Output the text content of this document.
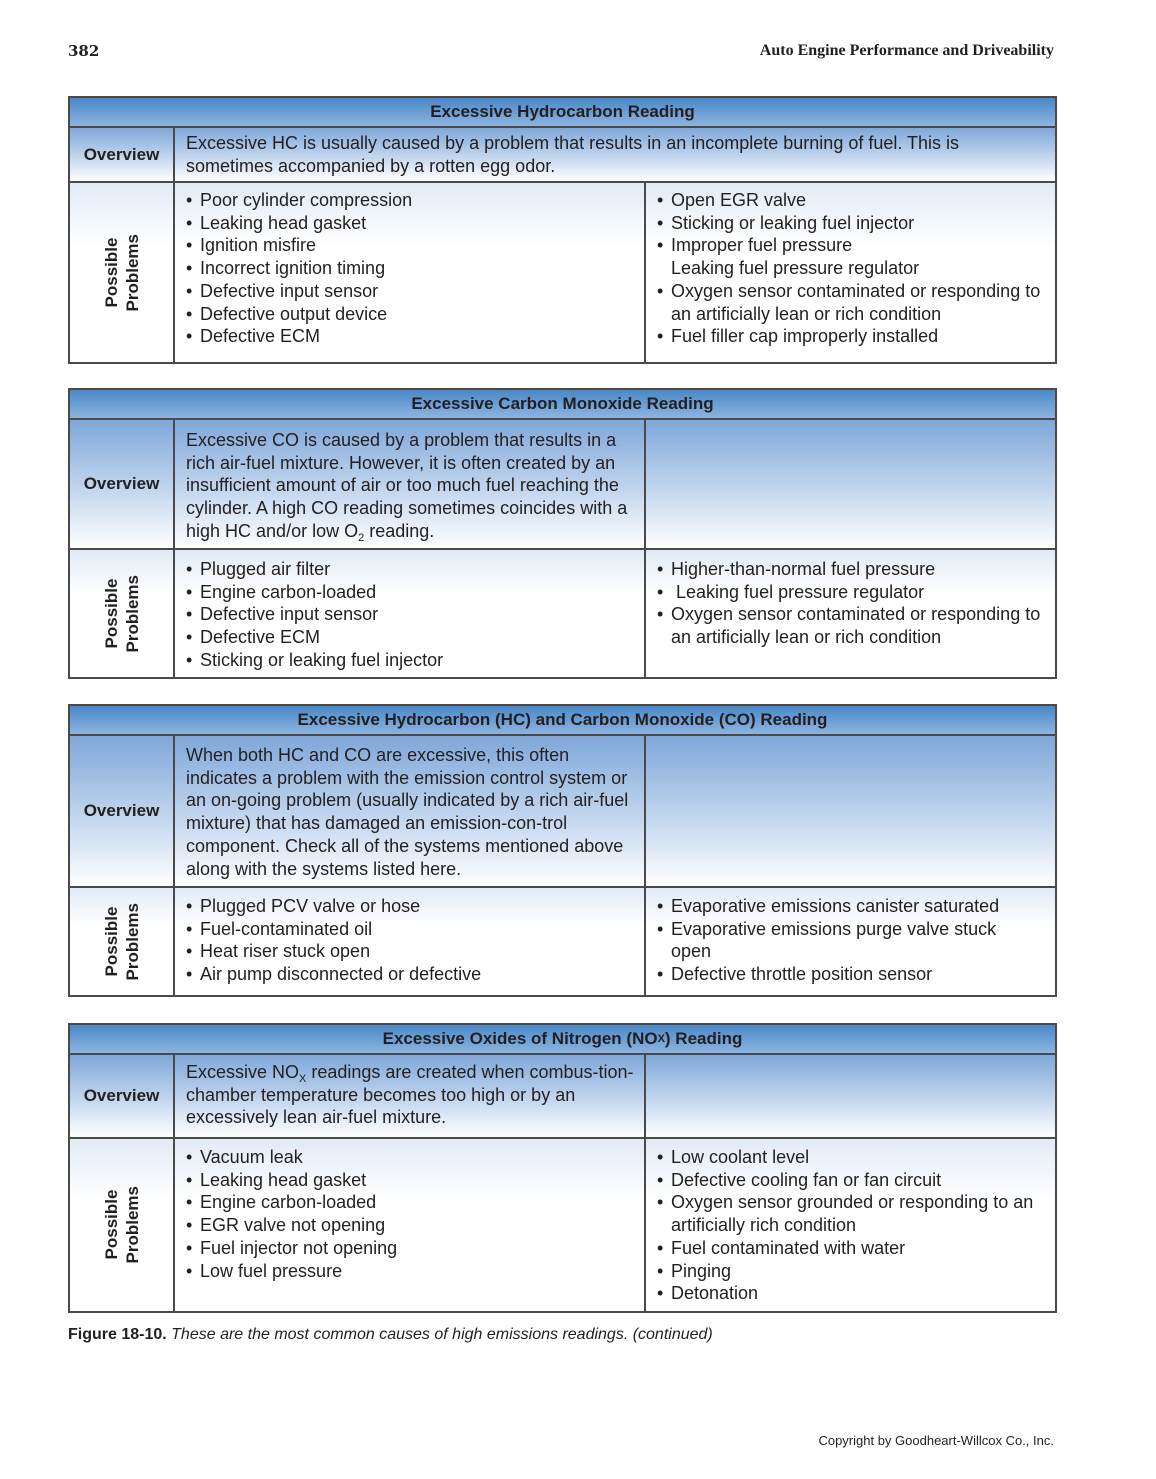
382	Auto Engine Performance and Driveability
Excessive Hydrocarbon Reading
Overview
Excessive HC is usually caused by a problem that results in an incomplete burning of fuel. This is sometimes accompanied by a rotten egg odor.
Possible Problems
• Poor cylinder compression
• Leaking head gasket
• Ignition misfire
• Incorrect ignition timing
• Defective input sensor
• Defective output device
• Defective ECM
• Open EGR valve
• Sticking or leaking fuel injector
• Improper fuel pressure
Leaking fuel pressure regulator
• Oxygen sensor contaminated or responding to an artificially lean or rich condition
• Fuel filler cap improperly installed
Excessive Carbon Monoxide Reading
Overview
Excessive CO is caused by a problem that results in a rich air-fuel mixture. However, it is often created by an insufficient amount of air or too much fuel reaching the cylinder. A high CO reading sometimes coincides with a high HC and/or low $O_2$ reading.
Possible Problems
• Plugged air filter
• Engine carbon-loaded
• Defective input sensor
• Defective ECM
• Sticking or leaking fuel injector
• Higher-than-normal fuel pressure
• Leaking fuel pressure regulator
• Oxygen sensor contaminated or responding to an artificially lean or rich condition
Excessive Hydrocarbon (HC) and Carbon Monoxide (CO) Reading
Overview
When both HC and CO are excessive, this often indicates a problem with the emission control system or an on-going problem (usually indicated by a rich air-fuel mixture) that has damaged an emission-con-trol component. Check all of the systems mentioned above along with the systems listed here.
Possible Problems • Plugged PCV valve or hose
• Fuel-contaminated oil
• Heat riser stuck open
• Air pump disconnected or defective
• Evaporative emissions canister saturated
• Evaporative emissions purge valve stuck open
• Defective throttle position sensor
Excessive Oxides of Nitrogen (NO X ) Reading
Overview
Excessive $NO_X$ readings are created when combus-tion-chamber temperature becomes too high or by an excessively lean air-fuel mixture.
Possible Problems
• Vacuum leak
• Leaking head gasket
• Engine carbon-loaded
• EGR valve not opening
• Fuel injector not opening
• Low fuel pressure
• Low coolant level
• Defective cooling fan or fan circuit
• Oxygen sensor grounded or responding to an artificially rich condition
• Fuel contaminated with water
• Pinging
• Detonation
Figure 18-10. These are the most common causes of high emissions readings. (continued)
Copyright by Goodheart-Willcox Co., Inc.
